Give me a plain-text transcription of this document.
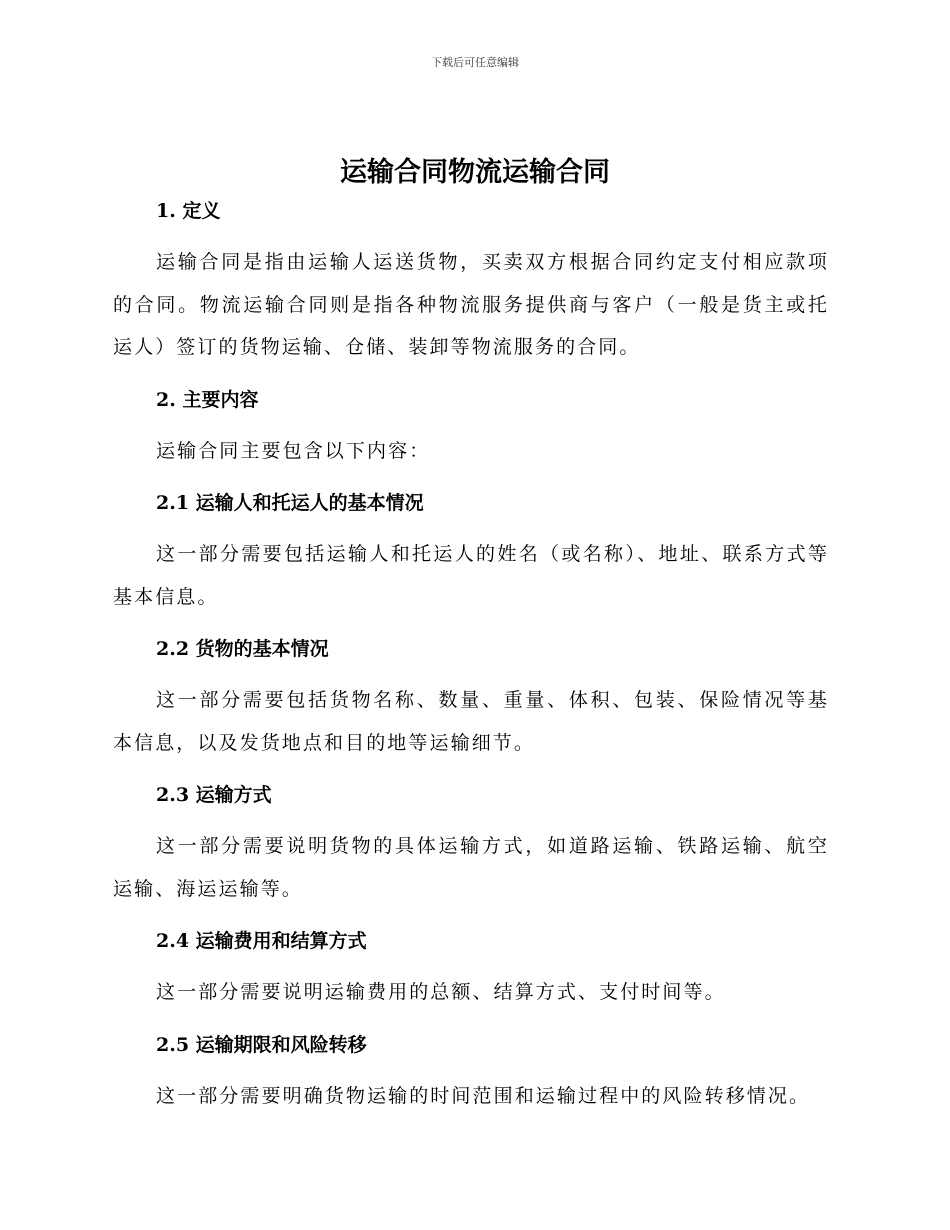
下载后可任意编辑
运输合同物流运输合同
1. 定义

运输合同是指由运输人运送货物，买卖双方根据合同约定支付相应款项的合同。物流运输合同则是指各种物流服务提供商与客户（一般是货主或托运人）签订的货物运输、仓储、装卸等物流服务的合同。

2. 主要内容

运输合同主要包含以下内容：

2.1 运输人和托运人的基本情况

这一部分需要包括运输人和托运人的姓名（或名称）、地址、联系方式等基本信息。

2.2 货物的基本情况

这一部分需要包括货物名称、数量、重量、体积、包装、保险情况等基本信息，以及发货地点和目的地等运输细节。

2.3 运输方式

这一部分需要说明货物的具体运输方式，如道路运输、铁路运输、航空运输、海运运输等。

2.4 运输费用和结算方式

这一部分需要说明运输费用的总额、结算方式、支付时间等。

2.5 运输期限和风险转移

这一部分需要明确货物运输的时间范围和运输过程中的风险转移情况。
